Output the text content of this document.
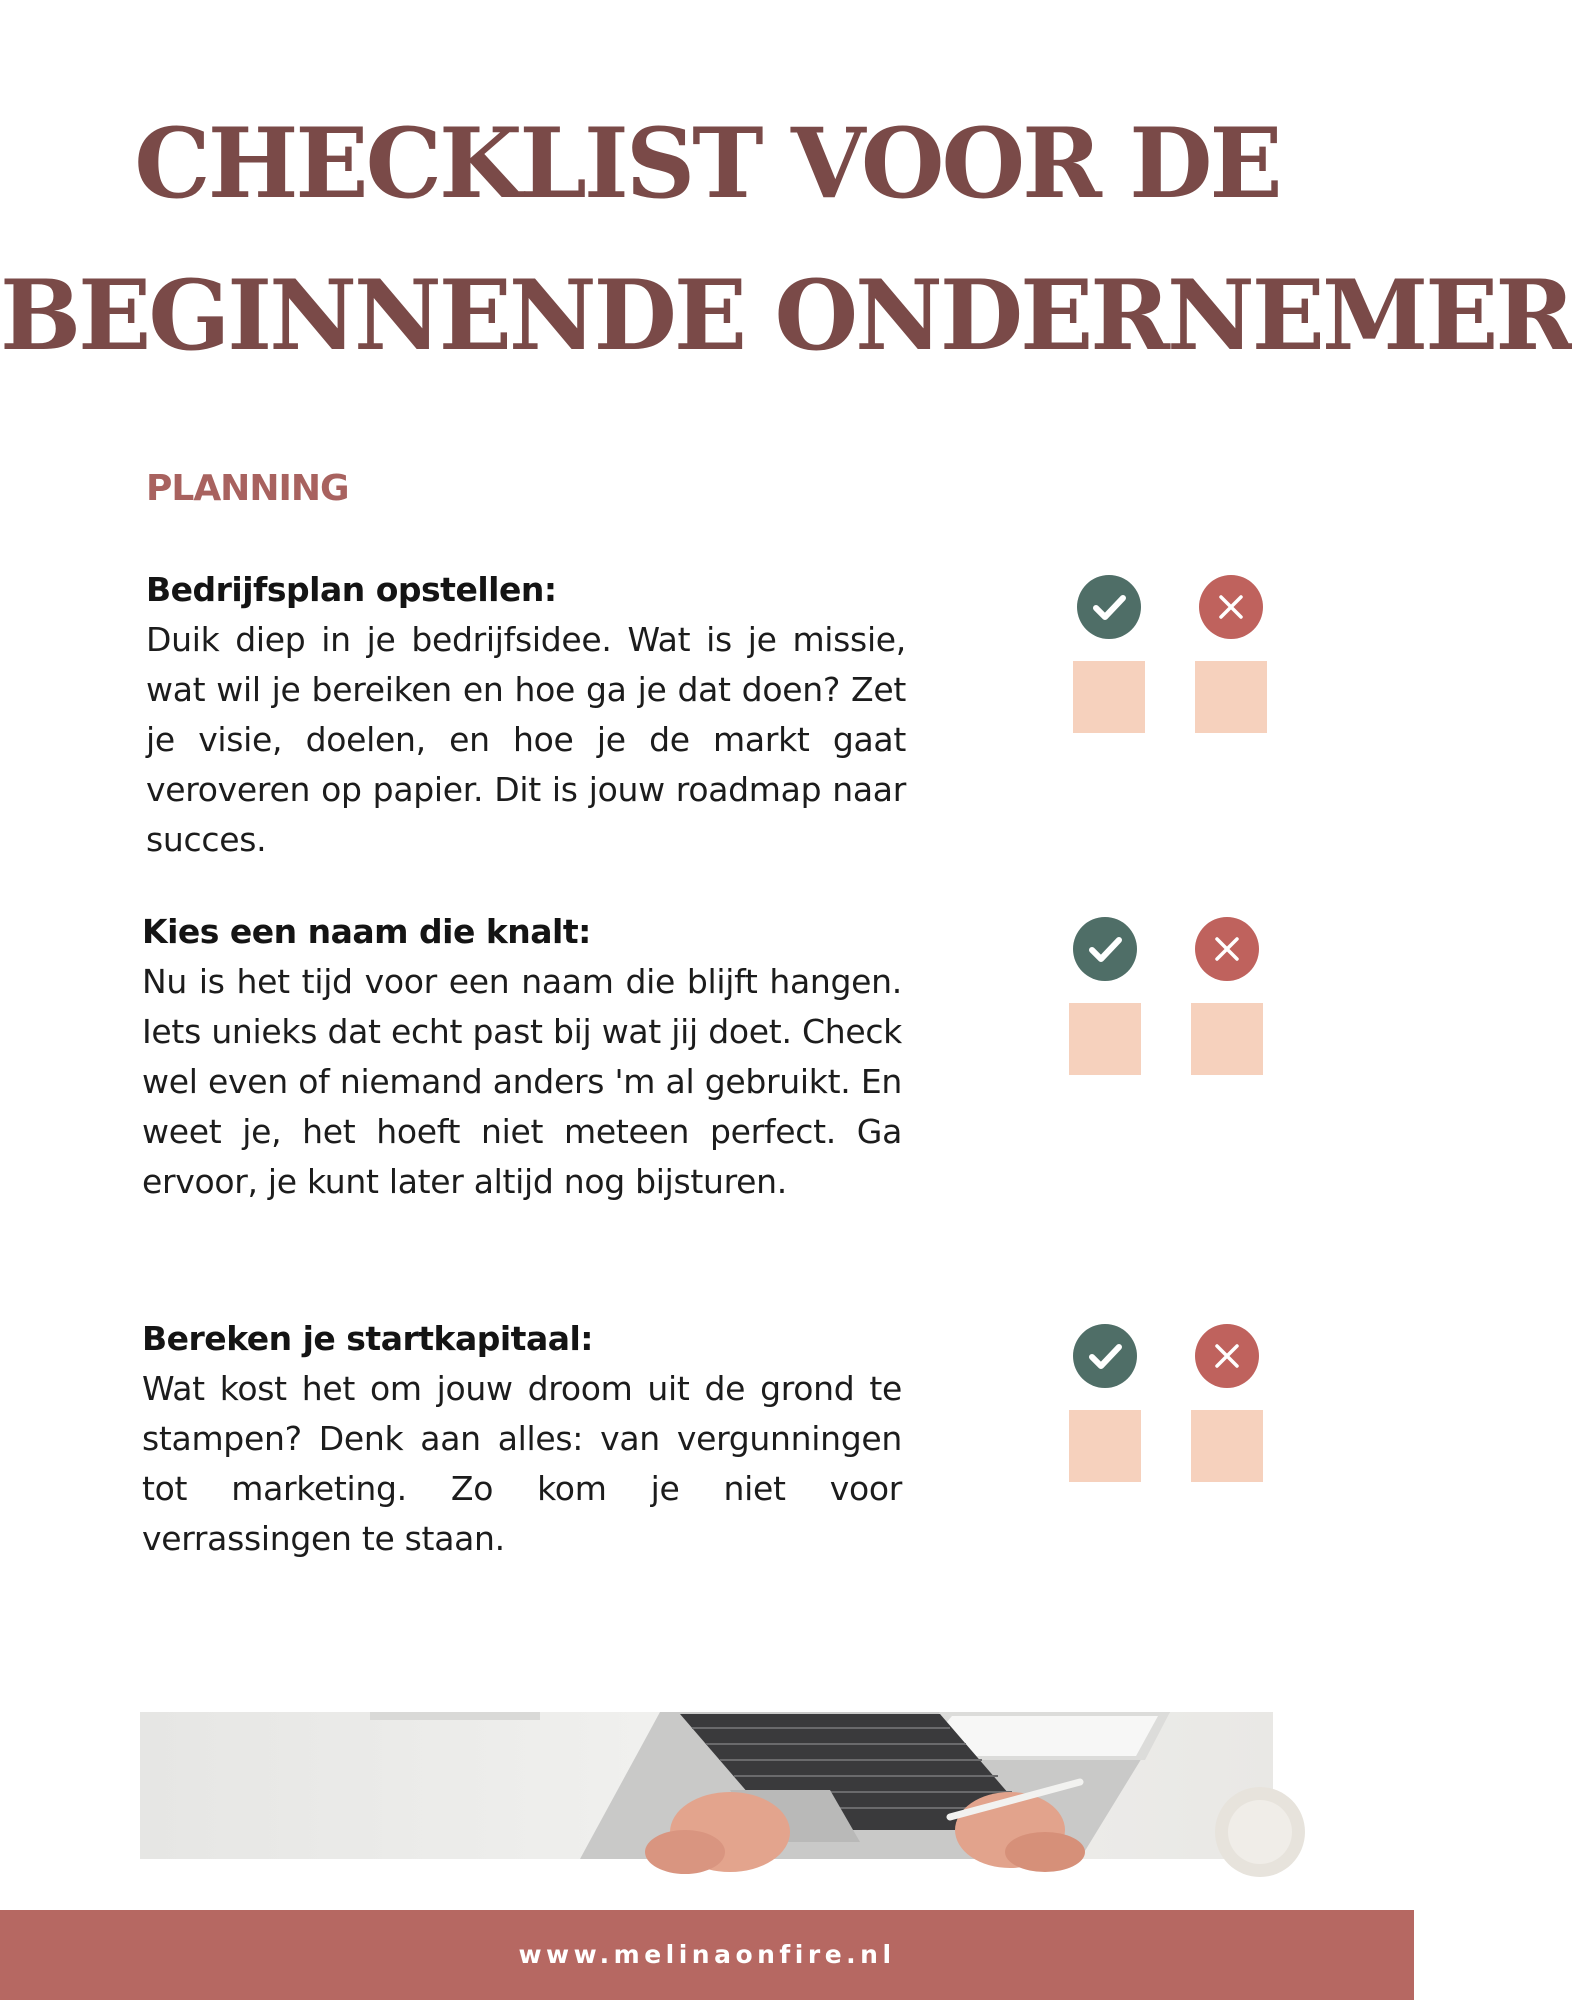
CHECKLIST VOOR DE
BEGINNENDE ONDERNEMER
PLANNING
Bedrijfsplan opstellen:

Duik diep in je bedrijfsidee. Wat is je missie, wat wil je bereiken en hoe ga je dat doen? Zet je visie, doelen, en hoe je de markt gaat veroveren op papier. Dit is jouw roadmap naar succes.

Kies een naam die knalt:

Nu is het tijd voor een naam die blijft hangen. Iets unieks dat echt past bij wat jij doet. Check wel even of niemand anders 'm al gebruikt. En weet je, het hoeft niet meteen perfect. Ga ervoor, je kunt later altijd nog bijsturen.

Bereken je startkapitaal:

Wat kost het om jouw droom uit de grond te stampen? Denk aan alles: van vergunningen tot marketing. Zo kom je niet voor verrassingen te staan.

www.melinaonfire.nl
